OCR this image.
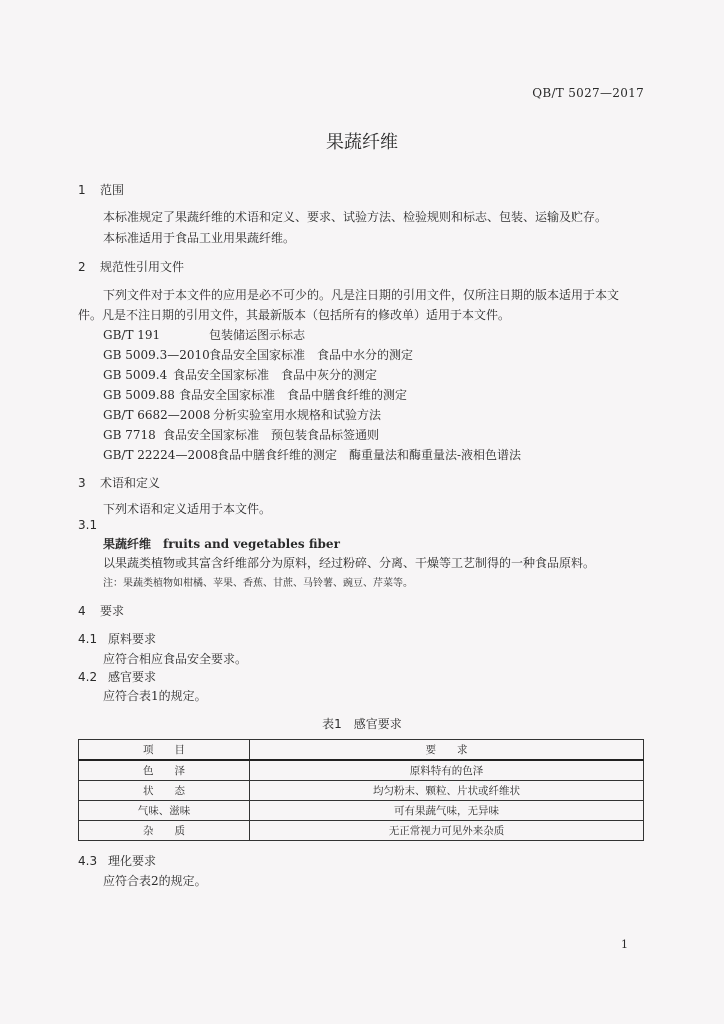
QB/T 5027—2017
果蔬纤维
1 范围
本标准规定了果蔬纤维的术语和定义、要求、试验方法、检验规则和标志、包装、运输及贮存。
本标准适用于食品工业用果蔬纤维。
2 规范性引用文件
下列文件对于本文件的应用是必不可少的。凡是注日期的引用文件，仅所注日期的版本适用于本文
件。凡是不注日期的引用文件，其最新版本（包括所有的修改单）适用于本文件。
GB/T 191	包装储运图示标志
GB 5009.3—2010食品安全国家标准　食品中水分的测定
GB 5009.4 食品安全国家标准　食品中灰分的测定
GB 5009.88 食品安全国家标准　食品中膳食纤维的测定
GB/T 6682—2008 分析实验室用水规格和试验方法
GB 7718 食品安全国家标准　预包装食品标签通则
GB/T 22224—2008食品中膳食纤维的测定　酶重量法和酶重量法-液相色谱法
3 术语和定义
下列术语和定义适用于本文件。
3.1
果蔬纤维　 fruits and vegetables fiber
以果蔬类植物或其富含纤维部分为原料，经过粉碎、分离、干燥等工艺制得的一种食品原料。
注：果蔬类植物如柑橘、苹果、香蕉、甘蔗、马铃薯、豌豆、芹菜等。
4 要求
4.1 原料要求
应符合相应食品安全要求。
4.2 感官要求
应符合表1的规定。
表1　感官要求
项　　目	要　　求
色　　泽	原料特有的色泽
状　　态	均匀粉末、颗粒、片状或纤维状
气味、滋味	可有果蔬气味，无异味
杂　　质	无正常视力可见外来杂质
4.3 理化要求
应符合表2的规定。
1
